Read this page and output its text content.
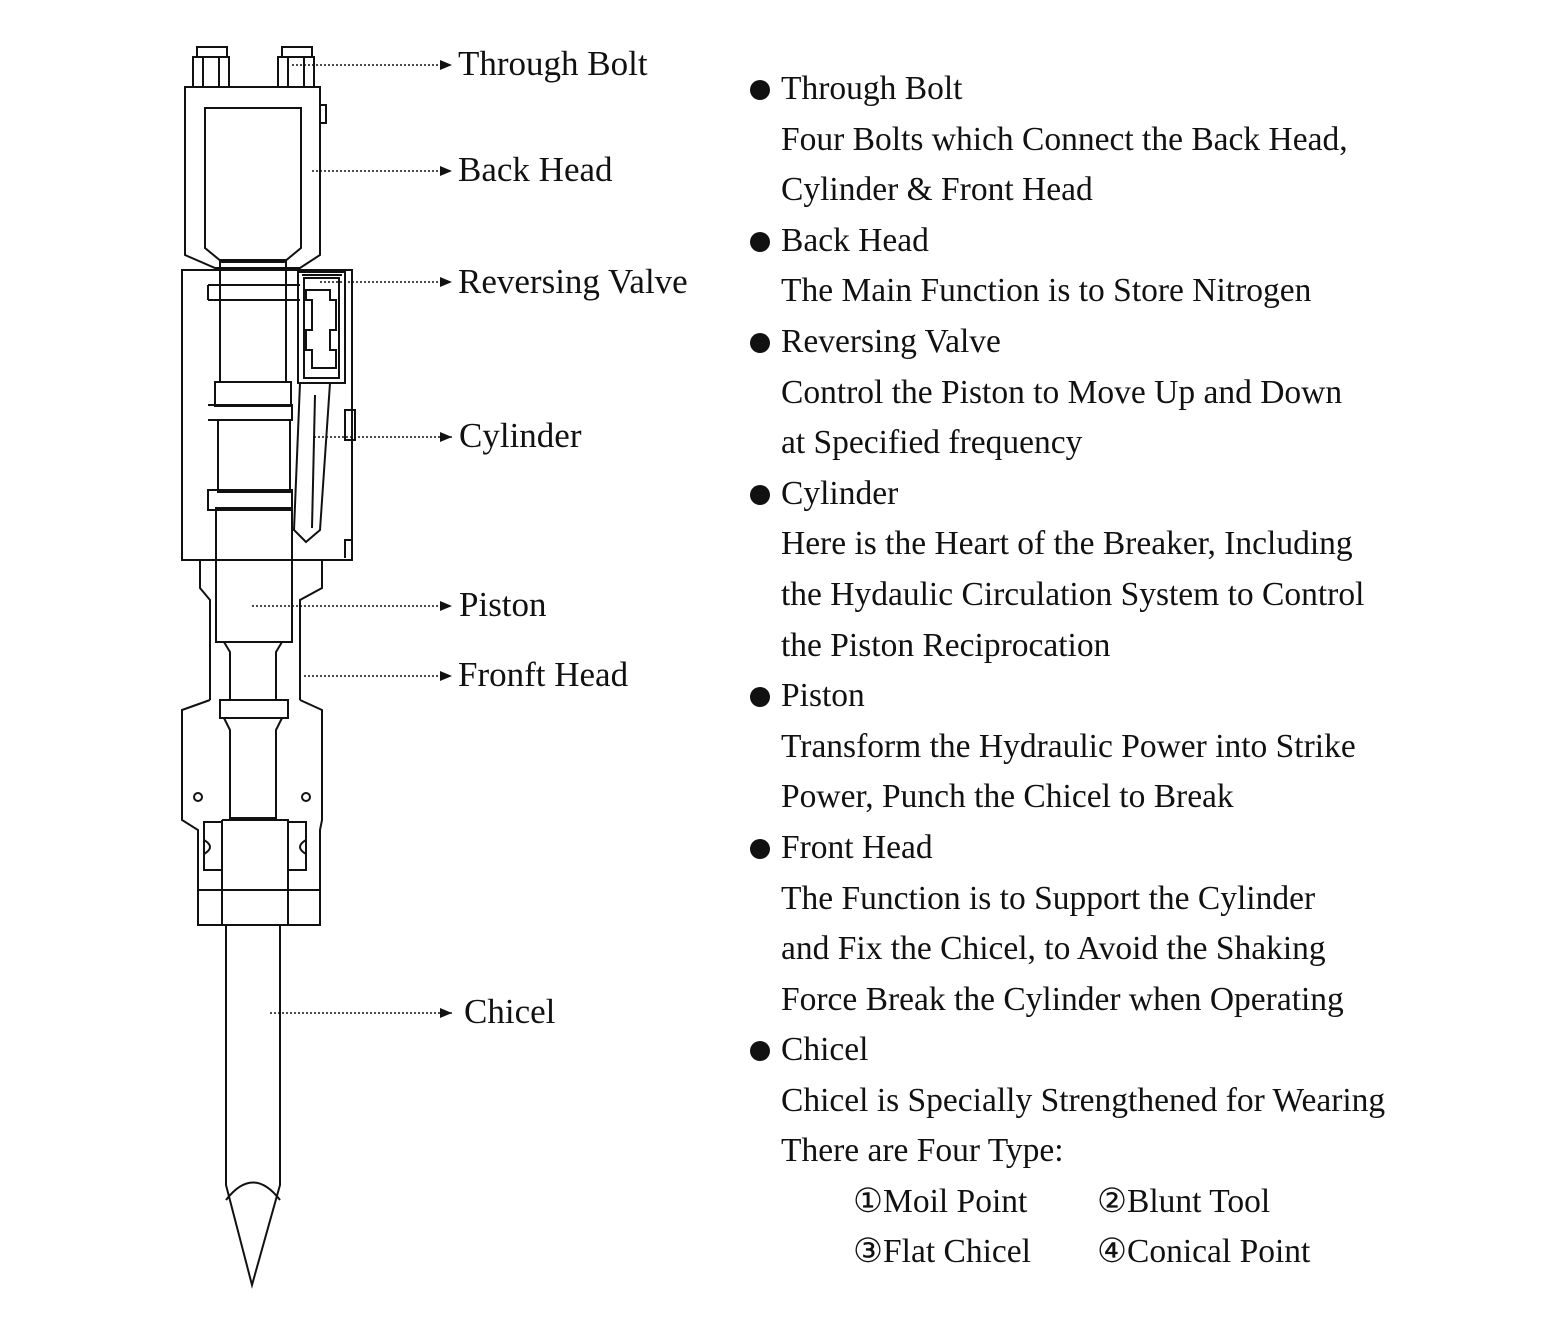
Through Bolt
Back Head
Reversing Valve
Cylinder
Piston
Fronft Head
Chicel
Through Bolt
Four Bolts which Connect the Back Head,
Cylinder & Front Head
Back Head
The Main Function is to Store Nitrogen
Reversing Valve
Control the Piston to Move Up and Down
at Specified frequency
Cylinder
Here is the Heart of the Breaker, Including
the Hydaulic Circulation System to Control
the Piston Reciprocation
Piston
Transform the Hydraulic Power into Strike
Power, Punch the Chicel to Break
Front Head
The Function is to Support the Cylinder
and Fix the Chicel, to Avoid the Shaking
Force Break the Cylinder when Operating
Chicel
Chicel is Specially Strengthened for Wearing
There are Four Type:
①Moil Point ②Blunt Tool
③Flat Chicel ④Conical Point
